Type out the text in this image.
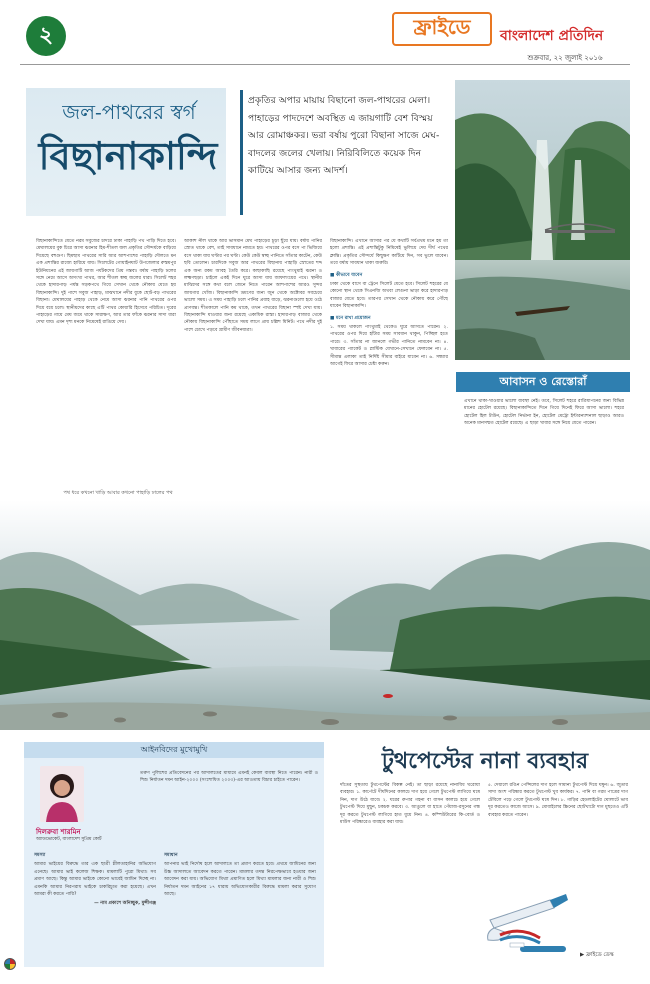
২	ফ্রাইডে বাংলাদেশ প্রতিদিন
শুক্রবার, ২২ জুলাই ২০১৬
জল-পাথরের স্বর্গ
বিছানাকান্দি
প্রকৃতির অপার মায়ায় বিছানো জল-পাথরের মেলা। পাহাড়ের পাদদেশে অবস্থিত এ জায়গাটি বেশ বিস্ময় আর রোমাঞ্চকর। ভরা বর্ষায় পুরো বিছানা সাজে মেঘ-বাদলের জলের খেলায়। নিরিবিলিতে কয়েক দিন কাটিয়ে আসার জন্য আদর্শ।

বিছানাকান্দিতে যেতে নরম সবুজের চাদরে ঢাকা পাহাড়ি পথ পাড়ি দিতে হবে। মেঘালয়ের বুক চিরে আসা ঝরনার হিম-শীতল জল প্রকৃতির সৌন্দর্যকে বাড়িয়ে দিয়েছে বহুগুণ। ছিমছাম পাথরের সারি আর আশপাশের পাহাড়ি দৌলতে মন এক প্রশান্তির রাজ্যে হারিয়ে যায়। সিলেটের গোয়াইনঘাট উপজেলার রুস্তমপুর ইউনিয়নের এই জায়গাটি আজ পর্যটকদের প্রিয় গন্তব্য। বর্ষায় পাহাড়ি ঢলের সঙ্গে নেমে আসে অসংখ্য পাথর, আর শীতল স্বচ্ছ জলের ধারা। সিলেট শহর থেকে হাদারপাড় পর্যন্ত সড়কপথে গিয়ে সেখান থেকে নৌকায় যেতে হয় বিছানাকান্দি। দুই পাশে সবুজ পাহাড়, মাঝখানে নদীর বুকে ছোট-বড় পাথরের বিছানা। মেঘালয়ের পাহাড় থেকে নেমে আসা ঝরনার পানি পাথরের ওপর দিয়ে বয়ে চলে। স্থানীয়দের কাছে এটি পাথর কোয়ারি হিসেবে পরিচিত। দূরের পাহাড়ের গায়ে মেঘ জমে থাকে সারাক্ষণ, আর তার ফাঁকে ঝরনার সাদা ধারা দেখা যায়। এমন দৃশ্য মনকে নিমেষেই রাঙিয়ে দেয়।

পথ ধরে কখনো খাড়ি আবার কখনো পাহাড়ি ঢালের পথ

আকাশ নীল থাকে আর ভাসমান মেঘ পাহাড়ের চূড়া ছুঁয়ে যায়। বর্ষায় পানির স্রোত থাকে বেশ, তাই সাবধানে নামতে হয়। পাথরের ওপর বসে পা ভিজিয়ে বসে থাকা যায় ঘণ্টার পর ঘণ্টা। কেউ কেউ স্বচ্ছ পানিতে সাঁতার কাটেন, কেউ ছবি তোলেন। চারদিকে সবুজ আর পাথরের বিছানায় পাহাড়ি স্রোতের শব্দ এক অন্য রকম আবহ তৈরি করে। কাছাকাছি রয়েছে পাংথুমাই ঝরনা ও লক্ষ্মণছড়া। চাইলে একই দিনে ঘুরে আসা যায় জাফলংয়ের পথে। স্থানীয় মাঝিদের সঙ্গে কথা বলে জেনে নিতে পারেন আশপাশের আরও সুন্দর জায়গার খোঁজ। বিছানাকান্দি ভ্রমণের জন্য জুন থেকে অক্টোবর সবচেয়ে ভালো সময়। এ সময় পাহাড়ি ঢলে পানির প্রবাহ বাড়ে, ঝরনাগুলো হয়ে ওঠে প্রাণবন্ত। শীতকালে পানি কম থাকে, তখন পাথরের বিছানা স্পষ্ট দেখা যায়। বিছানাকান্দি যাওয়ার জন্য রয়েছে একাধিক রাস্তা। হাদারপাড় বাজার থেকে নৌকায় বিছানাকান্দি পৌঁছাতে সময় লাগে প্রায় চল্লিশ মিনিট। পথে নদীর দুই পাশে চোখে পড়বে গ্রামীণ জীবনযাত্রা।

বিছানাকান্দি। এখানে আসার পর যে কথাটি সর্বপ্রথম মনে হয় তা হলো প্রশান্তি। এই প্রশান্তিটুকু নিমিষেই ভুলিয়ে দেয় দীর্ঘ পথের ক্লান্তি। প্রকৃতির সৌন্দর্যে কিছুক্ষণ কাটিয়ে দিন, সব ভুলে যাবেন। তবে বর্ষায় সাবধান থাকা জরুরি।

■ কীভাবে যাবেন

ঢাকা থেকে বাসে বা ট্রেনে সিলেট যেতে হবে। সিলেট শহরের যে কোনো স্থান থেকে সিএনজি অথবা লেগুনা ভাড়া করে হাদারপাড় বাজার যেতে হবে। তারপর সেখান থেকে নৌকায় করে পৌঁছে যাবেন বিছানাকান্দি।

■ মনে রাখা প্রয়োজন

১. সময় থাকলে পাংথুমাই থেকেও ঘুরে আসতে পারেন। ২. পাথরের ওপর দিয়ে হাঁটার সময় সাবধান থাকুন, পিচ্ছিল হতে পারে। ৩. সাঁতার না জানলে গভীর পানিতে নামবেন না। ৪. খাবারের প্যাকেট ও প্লাস্টিক যেখানে-সেখানে ফেলবেন না। ৫. সীমান্ত এলাকা তাই নির্দিষ্ট সীমার বাইরে যাবেন না। ৬. সন্ধ্যার আগেই ফিরে আসার চেষ্টা করুন।

আবাসন ও রেস্তোরাঁ

এখানে থাকা-খাওয়ার ভালো ব্যবস্থা নেই। তবে, সিলেট শহরে রাত্রিযাপনের জন্য বিভিন্ন মানের হোটেল রয়েছে। বিছানাকান্দিতে দিনে গিয়ে দিনেই ফিরে আসা ভালো। শহরে হোটেল হিল টাউন, হোটেল নির্ভানা ইন, হোটেল মেট্রো ইন্টারন্যাশনাল ছাড়াও আরও অনেক মানসম্মত হোটেল রয়েছে। এ ছাড়া খাবার সঙ্গে নিয়ে যেতে পারেন।

আইনবিদের মুখোমুখি
দিলরুবা শারমিন
অ্যাডভোকেট, বাংলাদেশ সুপ্রিম কোর্ট

তরুণ পুলিশের প্রতিবেদনের পর আদালতের মাধ্যমে এমনই কেবল ব্যবস্থা নিতে পারেন। নারী ও শিশু নির্যাতন দমন আইন-২০০০ (সংশোধিত ২০০৩)-এর আওতায় বিচার চাইতে পারেন।

সমস্যা

আমার ভাইয়ের বিরুদ্ধে তার এক ছাত্রী শ্লীলতাহানির অভিযোগ এনেছে। আমার ভাই কলেজ শিক্ষক। মামলাটি পুরো মিথ্যা। সব প্রমাণ আছে। কিন্তু আমার ভাইকে কোনো ভাবেই জামিন দিচ্ছে না। এমনকি আমার নিরপরাধ ভাইকে চাকরিচ্যুত করা হয়েছে। এখন আমরা কী করতে পারি?

— নাম প্রকাশে অনিচ্ছুক, মুন্সীগঞ্জ

সমাধান

আপনার ভাই নির্দোষ হলে আদালতে তা প্রমাণ করতে হবে। প্রথমে জামিনের জন্য উচ্চ আদালতে আবেদন করতে পারেন। মামলার তদন্ত নিরপেক্ষভাবে হওয়ার জন্য আবেদন করা যায়। অভিযোগ মিথ্যা প্রমাণিত হলে মিথ্যা মামলার জন্য নারী ও শিশু নির্যাতন দমন আইনের ১৭ ধারায় অভিযোগকারীর বিরুদ্ধে মামলা করার সুযোগ আছে।

টুথপেস্টের নানা ব্যবহার

দাঁতের সুস্থতায় টুথপেস্টের বিকল্প নেই। তা ছাড়া রয়েছে নানাবিধ ঘরোয়া ব্যবহার। ১. কার্পেটে দীর্ঘদিনের কালচে দাগ হয়ে গেলে টুথপেস্ট লাগিয়ে ঘষে নিন, দাগ উঠে যাবে। ২. ঘরের রুপার গহনা বা বাসন কালচে হয়ে গেলে টুথপেস্ট দিয়ে মুছুন, চকচক করবে। ৩. আঙুলে বা হাতে পেঁয়াজ-রসুনের গন্ধ দূর করতে টুথপেস্ট লাগিয়ে হাত ধুয়ে নিন। ৪. কম্পিউটারের কি-বোর্ড ও মাউস পরিষ্কারেও ব্যবহার করা যায়।

৫. দেয়ালে রঙিন পেন্সিলের দাগ হলে সামান্য টুথপেস্ট দিয়ে ঘষুন। ৬. জুতার সাদা অংশ পরিষ্কার করতে টুথপেস্ট খুব কার্যকর। ৭. পানি বা গরম পাত্রের দাগ টেবিলে পড়ে গেলে টুথপেস্ট ঘষে দিন। ৮. গাড়ির হেডলাইটের ঘোলাটে ভাব দূর করতেও কাজে আসে। ৯. মোবাইলের স্ক্রিনের ছোটখাটো দাগ মুছতেও এটি ব্যবহার করতে পারেন।

▶ ফ্রাইডে ডেস্ক
